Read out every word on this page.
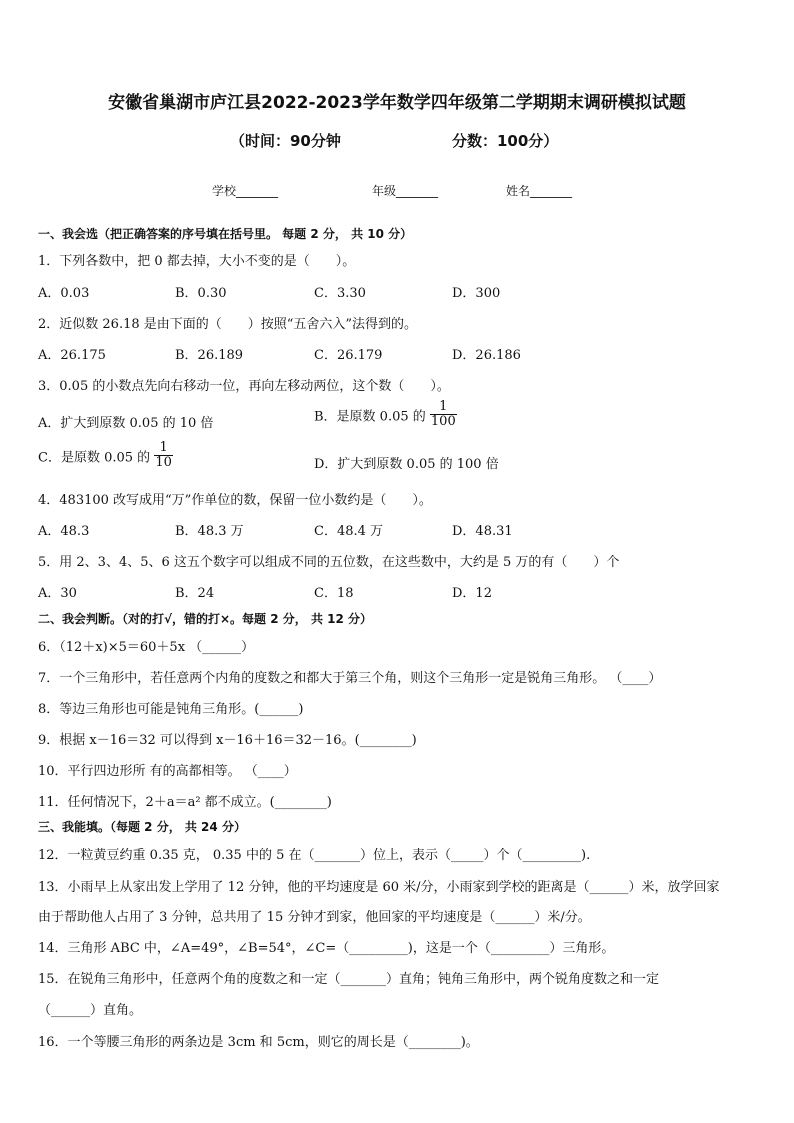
安徽省巢湖市庐江县2022-2023学年数学四年级第二学期期末调研模拟试题
（时间：90分钟	分数：100分）
学校_______	年级_______	姓名_______
一、我会选（把正确答案的序号填在括号里。 每题 2 分， 共 10 分）
1．下列各数中，把 0 都去掉，大小不变的是（　　）。
A．0.03	B．0.30	C．3.30	D．300
2．近似数 26.18 是由下面的（　　）按照“五舍六入”法得到的。
A．26.175	B．26.189	C．26.179	D．26.186
3．0.05 的小数点先向右移动一位，再向左移动两位，这个数（　　）。
A．扩大到原数 0.05 的 10 倍	B．是原数 0.05 的 $\frac{1}{100}$
C．是原数 0.05 的 $\frac{1}{10}$	D．扩大到原数 0.05 的 100 倍
4．483100 改写成用“万”作单位的数，保留一位小数约是（　　）。
A．48.3	B．48.3 万	C．48.4 万	D．48.31
5．用 2、3、4、5、6 这五个数字可以组成不同的五位数，在这些数中，大约是 5 万的有（　　）个
A．30	B．24	C．18	D．12
二、我会判断。（对的打√，错的打×。每题 2 分， 共 12 分）
6．（12＋x)×5＝60＋5x （______）
7．一个三角形中，若任意两个内角的度数之和都大于第三个角，则这个三角形一定是锐角三角形。 （____）
8．等边三角形也可能是钝角三角形。(______)
9．根据 x－16＝32 可以得到 x－16＋16＝32－16。(________)
10．平行四边形所 有的高都相等。 （____）
11．任何情况下，2＋a＝a² 都不成立。(________)
三、我能填。（每题 2 分， 共 24 分）
12．一粒黄豆约重 0.35 克， 0.35 中的 5 在（_______）位上，表示（_____）个（_________).
13．小雨早上从家出发上学用了 12 分钟，他的平均速度是 60 米/分，小雨家到学校的距离是（______）米，放学回家
由于帮助他人占用了 3 分钟，总共用了 15 分钟才到家，他回家的平均速度是（______）米/分。
14．三角形 ABC 中，∠A=49°，∠B=54°，∠C=（_________)，这是一个（_________）三角形。
15．在锐角三角形中，任意两个角的度数之和一定（_______）直角；钝角三角形中，两个锐角度数之和一定
（______）直角。
16．一个等腰三角形的两条边是 3cm 和 5cm，则它的周长是（________)。
